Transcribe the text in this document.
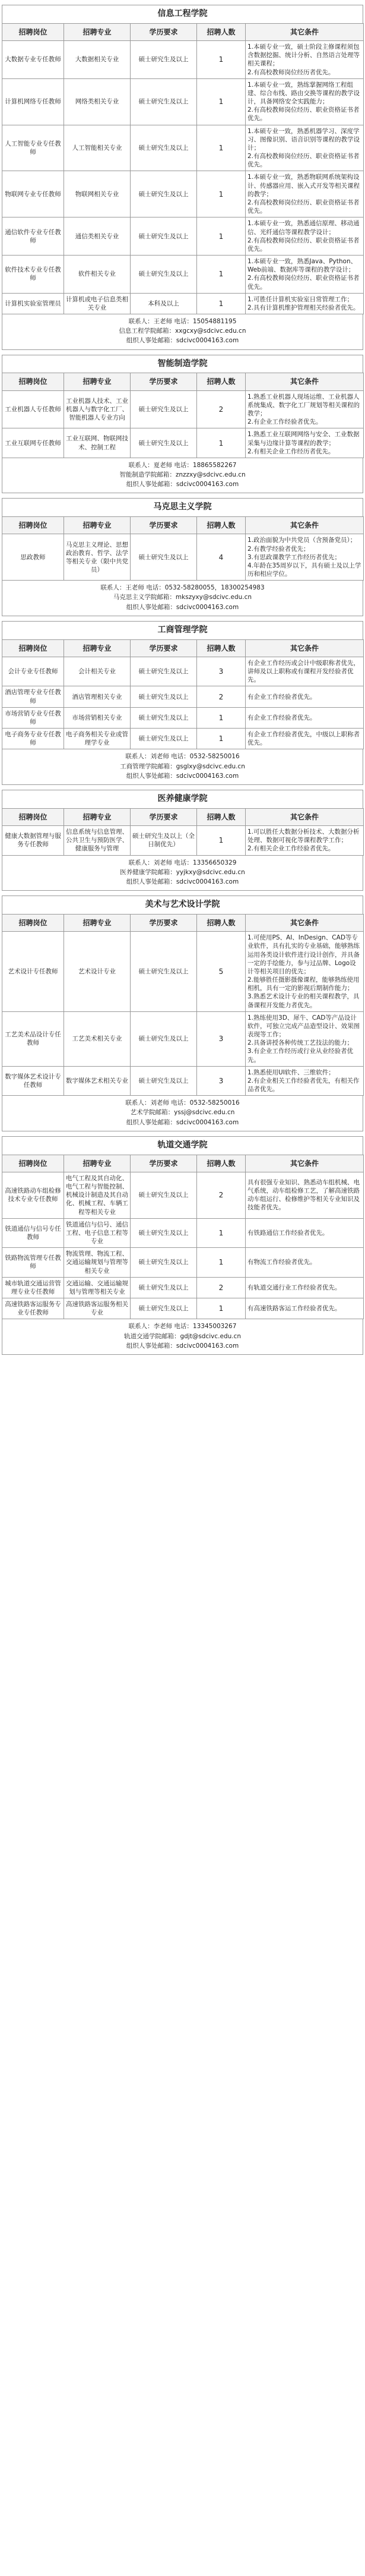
信息工程学院
招聘岗位	招聘专业	学历要求	招聘人数	其它条件
大数据专业专任教师	大数据相关专业	硕士研究生及以上	1	1.本硕专业一致，硕士阶段主修课程须包含数据挖掘、统计分析、自然语言处理等相关课程；
2.有高校教师岗位经历者优先。
计算机网络专任教师	网络类相关专业	硕士研究生及以上	1	1.本硕专业一致，熟练掌握网络工程组建、综合布线、路由交换等课程的教学设计，具备网络安全实践能力；
2.有高校教师岗位经历、职业资格证书者优先。
人工智能专业专任教师	人工智能相关专业	硕士研究生及以上	1	1.本硕专业一致，熟悉机器学习、深度学习、图像识别、语音识别等课程的教学设计；
2.有高校教师岗位经历、职业资格证书者优先。
物联网专业专任教师	物联网相关专业	硕士研究生及以上	1	1.本硕专业一致，熟悉物联网系统架构设计、传感器应用、嵌入式开发等相关课程的教学；
2.有高校教师岗位经历、职业资格证书者优先。
通信软件专业专任教师	通信类相关专业	硕士研究生及以上	1	1.本硕专业一致，熟悉通信原理、移动通信、光纤通信等课程教学设计；
2.有高校教师岗位经历、职业资格证书者优先。
软件技术专业专任教师	软件相关专业	硕士研究生及以上	1	1.本硕专业一致，熟悉Java、Python、Web前端、数据库等课程的教学设计；
2.有高校教师岗位经历、职业资格证书者优先。
计算机实验室管理员	计算机或电子信息类相关专业	本科及以上	1	1.可胜任计算机实验室日常管理工作；
2.具有计算机维护管理相关经验者优先。
联系人：王老师 电话：15054881195
信息工程学院邮箱：xxgcxy@sdcivc.edu.cn
组织人事处邮箱：sdcivc0004163.com
智能制造学院
招聘岗位	招聘专业	学历要求	招聘人数	其它条件
工业机器人专任教师	工业机器人技术、工业机器人与数字化工厂、智能机器人专业方向	硕士研究生及以上	2	1.熟悉工业机器人现场运维、工业机器人系统集成、数字化工厂规划等相关课程的教学；
2.有企业工作经验者优先。
工业互联网专任教师	工业互联网、物联网技术、控制工程	硕士研究生及以上	1	1.熟悉工业互联网网络与安全、工业数据采集与边缘计算等课程的教学；
2.有相关企业工作经历者优先。
联系人：夏老师 电话：18865582267
智能制造学院邮箱：znzzxy@sdcivc.edu.cn
组织人事处邮箱：sdcivc0004163.com
马克思主义学院
招聘岗位	招聘专业	学历要求	招聘人数	其它条件
思政教师	马克思主义理论、思想政治教育、哲学、法学等相关专业（限中共党员）	硕士研究生及以上	4	1.政治面貌为中共党员（含预备党员）；
2.有教学经验者优先；
3.有思政课教学工作经历者优先；
4.年龄在35周岁以下，具有硕士及以上学历和相应学位。
联系人：王老师 电话：0532-58280055，18300254983
马克思主义学院邮箱：mkszyxy@sdcivc.edu.cn
组织人事处邮箱：sdcivc0004163.com
工商管理学院
招聘岗位	招聘专业	学历要求	招聘人数	其它条件
会计专业专任教师	会计相关专业	硕士研究生及以上	3	有企业工作经历或会计中级职称者优先，讲师及以上职称或有课程开发经验者优先。
酒店管理专业专任教师	酒店管理相关专业	硕士研究生及以上	2	有企业工作经验者优先。
市场营销专业专任教师	市场营销相关专业	硕士研究生及以上	1	有企业工作经验者优先。
电子商务专业专任教师	电子商务相关专业或管理学专业	硕士研究生及以上	1	有企业工作经验者优先，中级以上职称者优先。
联系人：刘老师 电话：0532-58250016
工商管理学院邮箱：gsglxy@sdcivc.edu.cn
组织人事处邮箱：sdcivc0004163.com
医养健康学院
招聘岗位	招聘专业	学历要求	招聘人数	其它条件
健康大数据管理与服务专任教师	信息系统与信息管理、公共卫生与预防医学、健康服务与管理	硕士研究生及以上（全日制优先）	1	1.可以胜任大数据分析技术、大数据分析处理、数据可视化等课程教学工作；
2.有相关企业工作经验者优先。
联系人：刘老师 电话：13356650329
医养健康学院邮箱：yyjkxy@sdcivc.edu.cn
组织人事处邮箱：sdcivc0004163.com
美术与艺术设计学院
招聘岗位	招聘专业	学历要求	招聘人数	其它条件
艺术设计专任教师	艺术设计专业	硕士研究生及以上	5	1.可使用PS、AI、InDesign、CAD等专业软件，具有扎实的专业基础，能够熟练运用各类设计软件进行设计创作，并具备一定的手绘能力，参与过品牌、Logo设计等相关项目的优先；
2.能够胜任摄影摄像课程，能够熟练使用相机，具有一定的影视后期制作能力；
3.熟悉艺术设计专业的相关课程教学，具备课程开发能力者优先。
工艺美术品设计专任教师	工艺美术相关专业	硕士研究生及以上	3	1.熟练使用3D、犀牛、CAD等产品设计软件，可独立完成产品造型设计、效果图表现等工作；
2.具备讲授各种传统工艺技法的能力；
3.有企业工作经历或行业从业经验者优先。
数字媒体艺术设计专任教师	数字媒体艺术相关专业	硕士研究生及以上	3	1.熟悉使用UI软件、三维软件；
2.有企业相关工作经验者优先，有相关作品者优先。
联系人：刘老师 电话：0532-58250016
艺术学院邮箱：yssj@sdcivc.edu.cn
组织人事处邮箱：sdcivc0004163.com
轨道交通学院
招聘岗位	招聘专业	学历要求	招聘人数	其它条件
高速铁路动车组检修技术专业专任教师	电气工程及其自动化、电气工程与智能控制、机械设计制造及其自动化、机械工程、车辆工程等相关专业	硕士研究生及以上	2	具有很强专业知识、熟悉动车组机械、电气系统，动车组检修工艺，了解高速铁路动车组运行、检修维护等相关专业知识及技能者优先。
铁道通信与信号专任教师	铁道通信与信号、通信工程、电子信息工程等专业	硕士研究生及以上	1	有铁路通信工作经验者优先。
铁路物流管理专任教师	物流管理、物流工程、交通运输规划与管理等相关专业	硕士研究生及以上	1	有物流工作经验者优先。
城市轨道交通运营管理专业专任教师	交通运输、交通运输规划与管理等相关专业	硕士研究生及以上	2	有轨道交通行业工作经验者优先。
高速铁路客运服务专业专任教师	高速铁路客运服务相关专业	硕士研究生及以上	1	有高速铁路客运工作经验者优先。
联系人：李老师 电话：13345003267
轨道交通学院邮箱：gdjt@sdcivc.edu.cn
组织人事处邮箱：sdcivc0004163.com
